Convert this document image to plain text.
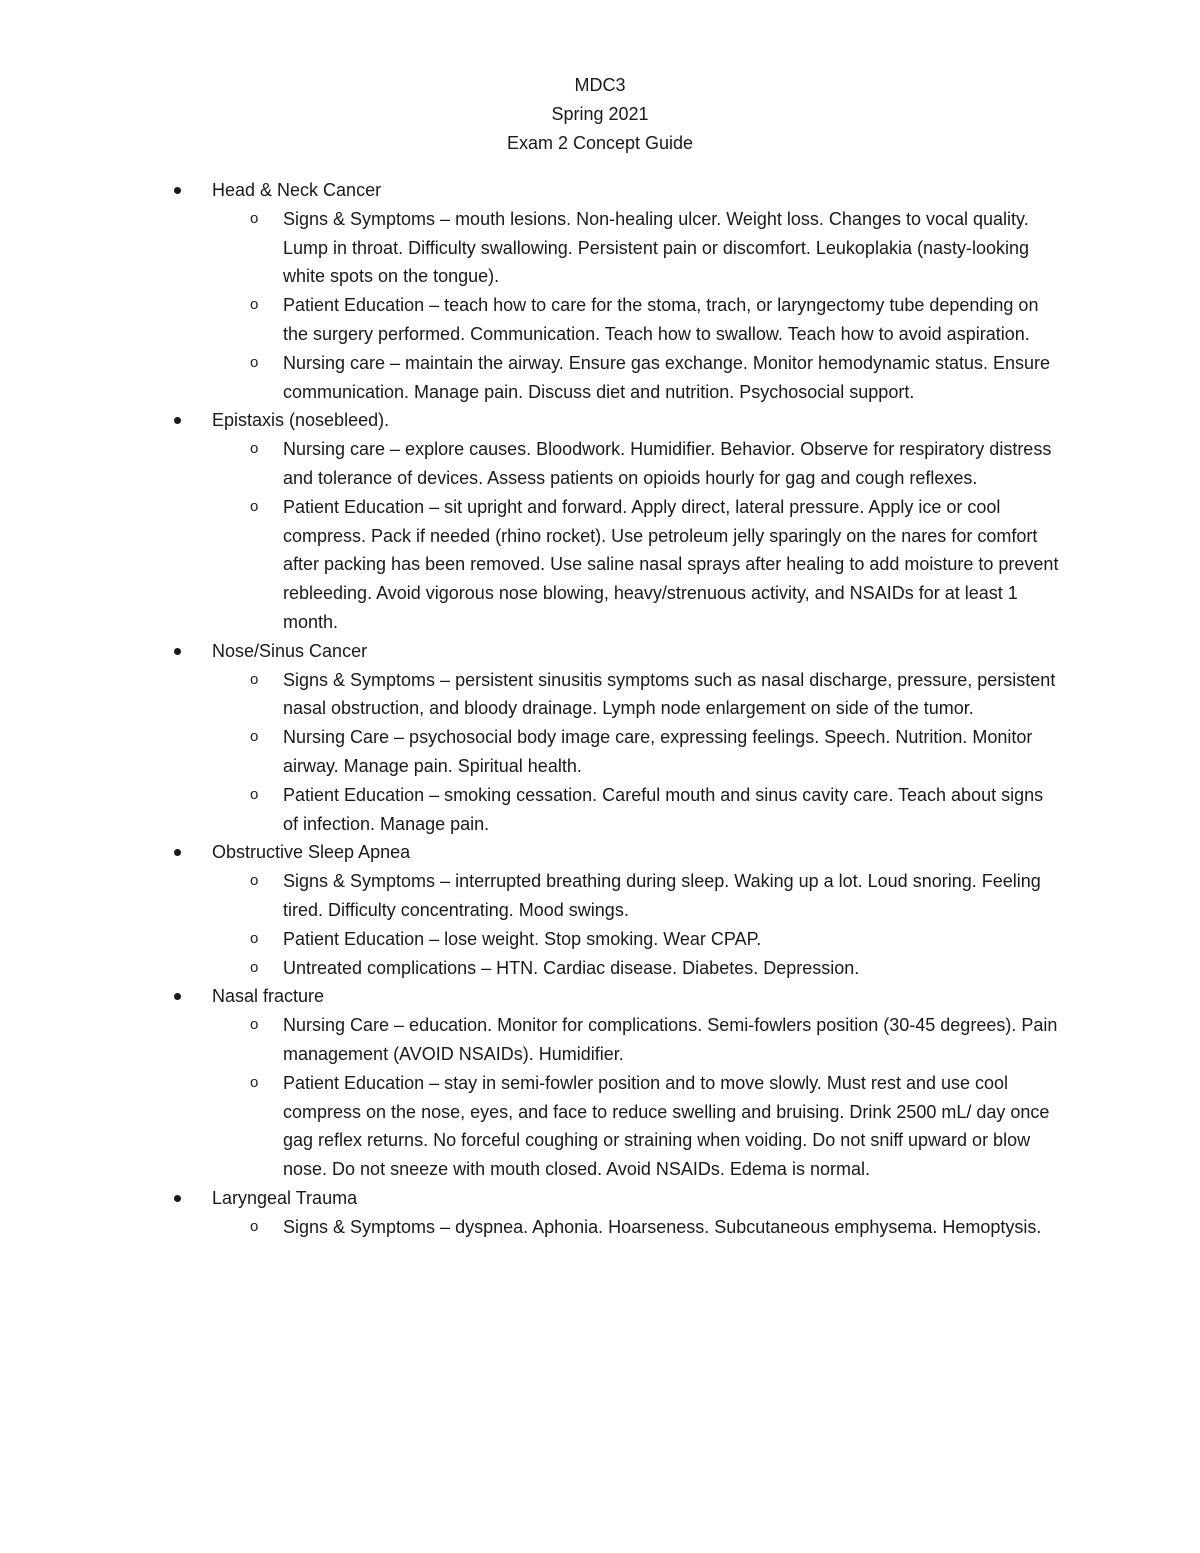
MDC3
Spring 2021
Exam 2 Concept Guide
Head & Neck Cancer
o Signs & Symptoms – mouth lesions. Non-healing ulcer. Weight loss. Changes to vocal quality. Lump in throat. Difficulty swallowing. Persistent pain or discomfort. Leukoplakia (nasty-looking white spots on the tongue).
o Patient Education – teach how to care for the stoma, trach, or laryngectomy tube depending on the surgery performed. Communication. Teach how to swallow. Teach how to avoid aspiration.
o Nursing care – maintain the airway. Ensure gas exchange. Monitor hemodynamic status. Ensure communication. Manage pain. Discuss diet and nutrition. Psychosocial support.
Epistaxis (nosebleed).
o Nursing care – explore causes. Bloodwork. Humidifier. Behavior. Observe for respiratory distress and tolerance of devices. Assess patients on opioids hourly for gag and cough reflexes.
o Patient Education – sit upright and forward. Apply direct, lateral pressure. Apply ice or cool compress. Pack if needed (rhino rocket). Use petroleum jelly sparingly on the nares for comfort after packing has been removed. Use saline nasal sprays after healing to add moisture to prevent rebleeding. Avoid vigorous nose blowing, heavy/strenuous activity, and NSAIDs for at least 1 month.
Nose/Sinus Cancer
o Signs & Symptoms – persistent sinusitis symptoms such as nasal discharge, pressure, persistent nasal obstruction, and bloody drainage. Lymph node enlargement on side of the tumor.
o Nursing Care – psychosocial body image care, expressing feelings. Speech. Nutrition. Monitor airway. Manage pain. Spiritual health.
o Patient Education – smoking cessation. Careful mouth and sinus cavity care. Teach about signs of infection. Manage pain.
Obstructive Sleep Apnea
o Signs & Symptoms – interrupted breathing during sleep. Waking up a lot. Loud snoring. Feeling tired. Difficulty concentrating. Mood swings.
o Patient Education – lose weight. Stop smoking. Wear CPAP.
o Untreated complications – HTN. Cardiac disease. Diabetes. Depression.
Nasal fracture
o Nursing Care – education. Monitor for complications. Semi-fowlers position (30-45 degrees). Pain management (AVOID NSAIDs). Humidifier.
o Patient Education – stay in semi-fowler position and to move slowly. Must rest and use cool compress on the nose, eyes, and face to reduce swelling and bruising. Drink 2500 mL/ day once gag reflex returns. No forceful coughing or straining when voiding. Do not sniff upward or blow nose. Do not sneeze with mouth closed. Avoid NSAIDs. Edema is normal.
Laryngeal Trauma
o Signs & Symptoms – dyspnea. Aphonia. Hoarseness. Subcutaneous emphysema. Hemoptysis.
